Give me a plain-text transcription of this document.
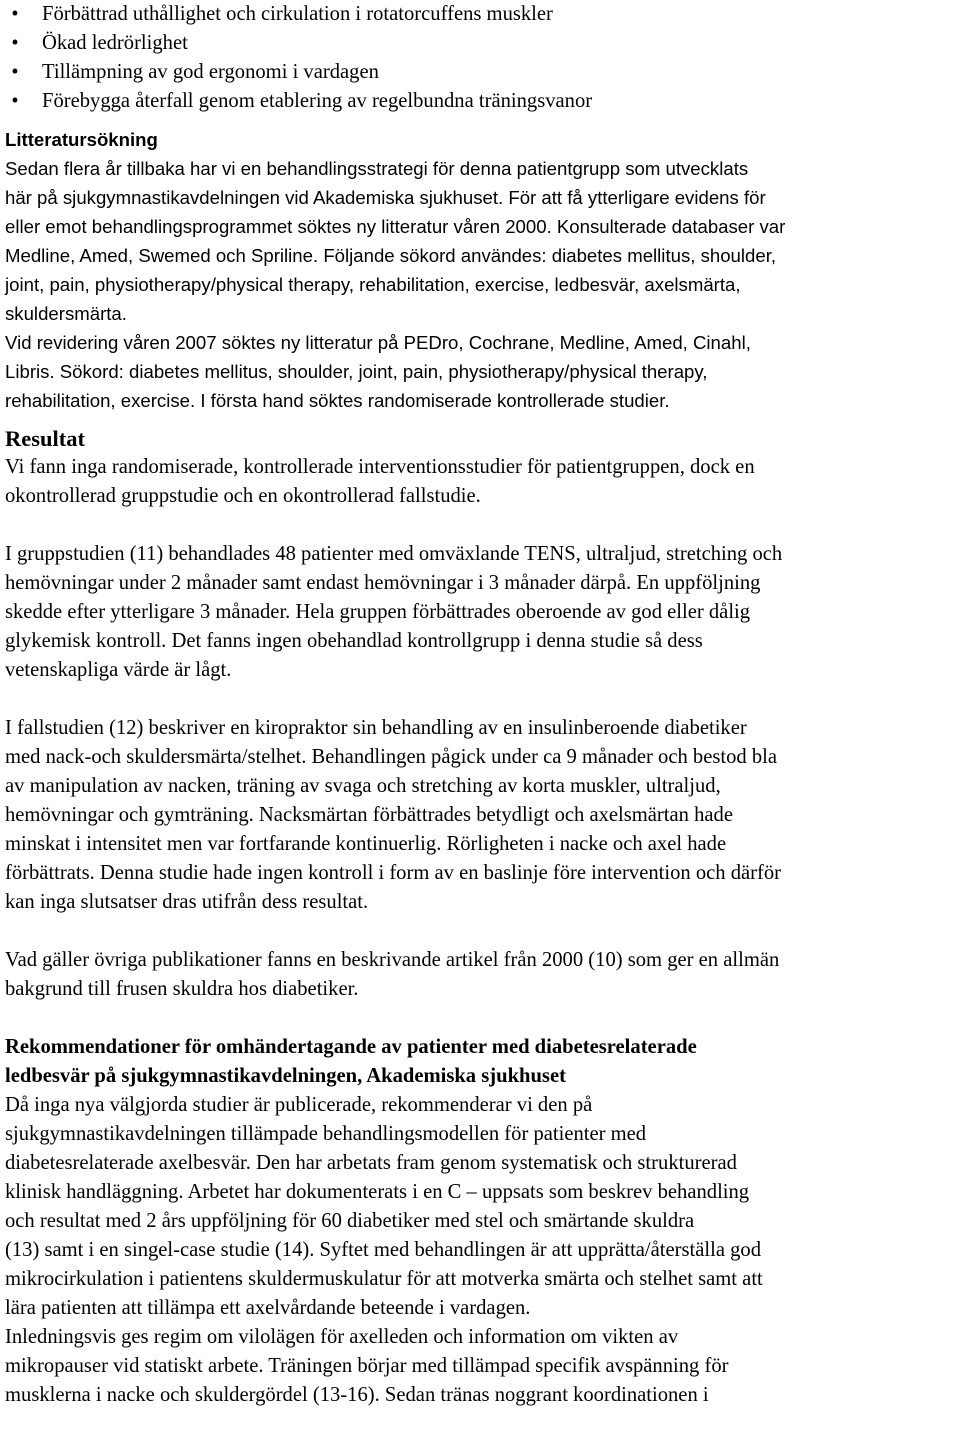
•	Förbättrad uthållighet och cirkulation i rotatorcuffens muskler
•	Ökad ledrörlighet
•	Tillämpning av god ergonomi i vardagen
•	Förebygga återfall genom etablering av regelbundna träningsvanor
Litteratursökning

Sedan flera år tillbaka har vi en behandlingsstrategi för denna patientgrupp som utvecklats
här på sjukgymnastikavdelningen vid Akademiska sjukhuset. För att få ytterligare evidens för
eller emot behandlingsprogrammet söktes ny litteratur våren 2000. Konsulterade databaser var
Medline, Amed, Swemed och Spriline. Följande sökord användes: diabetes mellitus, shoulder,
joint, pain, physiotherapy/physical therapy, rehabilitation, exercise, ledbesvär, axelsmärta,
skuldersmärta.
Vid revidering våren 2007 söktes ny litteratur på PEDro, Cochrane, Medline, Amed, Cinahl,
Libris. Sökord: diabetes mellitus, shoulder, joint, pain, physiotherapy/physical therapy,
rehabilitation, exercise. I första hand söktes randomiserade kontrollerade studier.

Resultat

Vi fann inga randomiserade, kontrollerade interventionsstudier för patientgruppen, dock en
okontrollerad gruppstudie och en okontrollerad fallstudie.

I gruppstudien (11) behandlades 48 patienter med omväxlande TENS, ultraljud, stretching och
hemövningar under 2 månader samt endast hemövningar i 3 månader därpå. En uppföljning
skedde efter ytterligare 3 månader. Hela gruppen förbättrades oberoende av god eller dålig
glykemisk kontroll. Det fanns ingen obehandlad kontrollgrupp i denna studie så dess
vetenskapliga värde är lågt.

I fallstudien (12) beskriver en kiropraktor sin behandling av en insulinberoende diabetiker
med nack-och skuldersmärta/stelhet. Behandlingen pågick under ca 9 månader och bestod bla
av manipulation av nacken, träning av svaga och stretching av korta muskler, ultraljud,
hemövningar och gymträning. Nacksmärtan förbättrades betydligt och axelsmärtan hade
minskat i intensitet men var fortfarande kontinuerlig. Rörligheten i nacke och axel hade
förbättrats. Denna studie hade ingen kontroll i form av en baslinje före intervention och därför
kan inga slutsatser dras utifrån dess resultat.

Vad gäller övriga publikationer fanns en beskrivande artikel från 2000 (10) som ger en allmän
bakgrund till frusen skuldra hos diabetiker.

Rekommendationer för omhändertagande av patienter med diabetesrelaterade
ledbesvär på sjukgymnastikavdelningen, Akademiska sjukhuset

Då inga nya välgjorda studier är publicerade, rekommenderar vi den på
sjukgymnastikavdelningen tillämpade behandlingsmodellen för patienter med
diabetesrelaterade axelbesvär. Den har arbetats fram genom systematisk och strukturerad
klinisk handläggning. Arbetet har dokumenterats i en C – uppsats som beskrev behandling
och resultat med 2 års uppföljning för 60 diabetiker med stel och smärtande skuldra
(13) samt i en singel-case studie (14). Syftet med behandlingen är att upprätta/återställa god
mikrocirkulation i patientens skuldermuskulatur för att motverka smärta och stelhet samt att
lära patienten att tillämpa ett axelvårdande beteende i vardagen.
Inledningsvis ges regim om vilolägen för axelleden och information om vikten av
mikropauser vid statiskt arbete. Träningen börjar med tillämpad specifik avspänning för
musklerna i nacke och skuldergördel (13-16). Sedan tränas noggrant koordinationen i
